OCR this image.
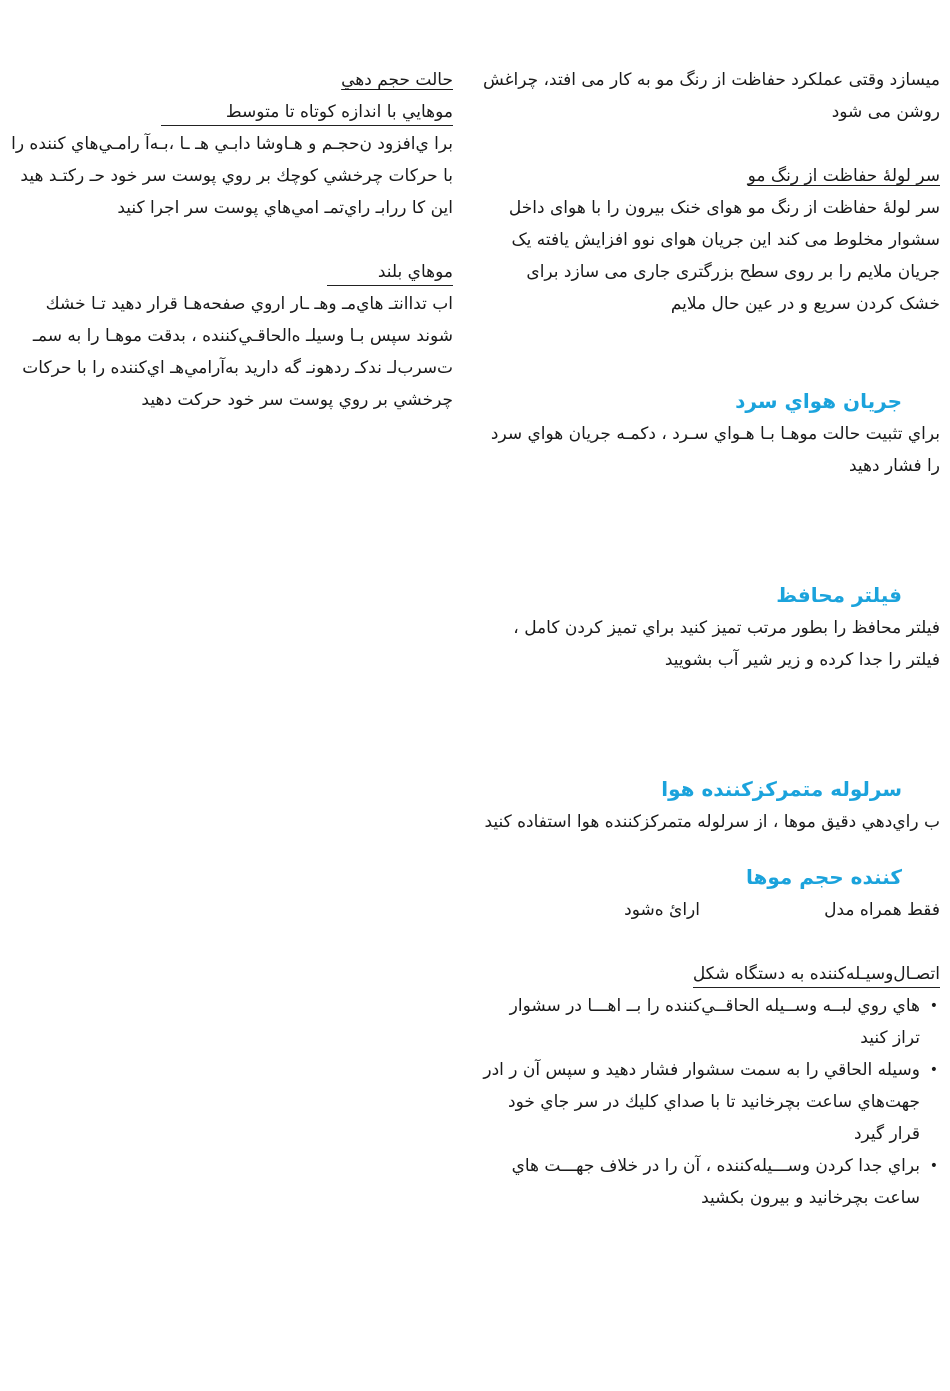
میسازد وقتی عملکرد حفاظت از رنگ مو به کار می افتد، چراغش روشن می شود

سر لولۀ حفاظت از رنگ مو

سر لولۀ حفاظت از رنگ مو هوای خنک بیرون را با هوای داخل سشوار مخلوط می کند این جریان هوای نوو افزایش یافته یک جریان ملایم را بر روی سطح بزرگتری جاری می سازد برای خشک کردن سریع و در عین حال ملایم

جريان هواي سرد

براي تثبيت حالت موهـا بـا هـواي سـرد ، دكمـه جريان هواي سرد را فشار دهيد

فيلتر محافظ

فيلتر محافظ را بطور مرتب تميز كنيد براي تميز كردن كامل ، فيلتر را جدا كرده و زير شير آب بشوييد

سرلوله متمركزكننده هوا

ب راي‌دهي دقيق موها ، از سرلوله متمركزكننده هوا استفاده كنيد

كننده حجم موها
فقط همراه مدل
ارائ ه‌شود

اتصـال‌وسيـله‌كننده به دستگاه شكل

•
هاي روي لبــه وســيله الحاقــي‌كننده را بــ اهـــا در سشوار تراز كنيد
•
وسيله الحاقي را به سمت سشوار فشار دهيد و سپس آن ر ادر جهت‌هاي ساعت بچرخانيد تا با صداي كليك در سر جاي خود قرار گيرد
•
براي جدا كردن وســـيله‌كننده ، آن را در خلاف جهـــت هاي ساعت بچرخانيد و بيرون بكشيد

حالت حجم دهي

موهايي با اندازه كوتاه تا متوسط

برا ي‌افزود ن‌حجـم‌ و هـاوشا دابـي هـ ـا ،بـه‌آ رامـي‌هاي كننده را با حركات چرخشي كوچك بر روي پوست سر خود حـ ركتـد هيد اين كا ررابـ راي‌تمـ امي‌هاي پوست سر اجرا كنيد

موهاي بلند

اب تدا‌انتـ هاي‌مـ وهـ ـار اروي صفحه‌هـا قرار دهيد تـا خشك شوند سپس بـا وسيلـ ه‌الحاقـي‌كننده ، بدقت موهـا را به سمـ ت‌سرب‌لـ ندكـ ردهونـ گه داريد به‌آرامي‌هـ اي‌كننده را با حركات چرخشي بر روي پوست سر خود حركت دهيد
